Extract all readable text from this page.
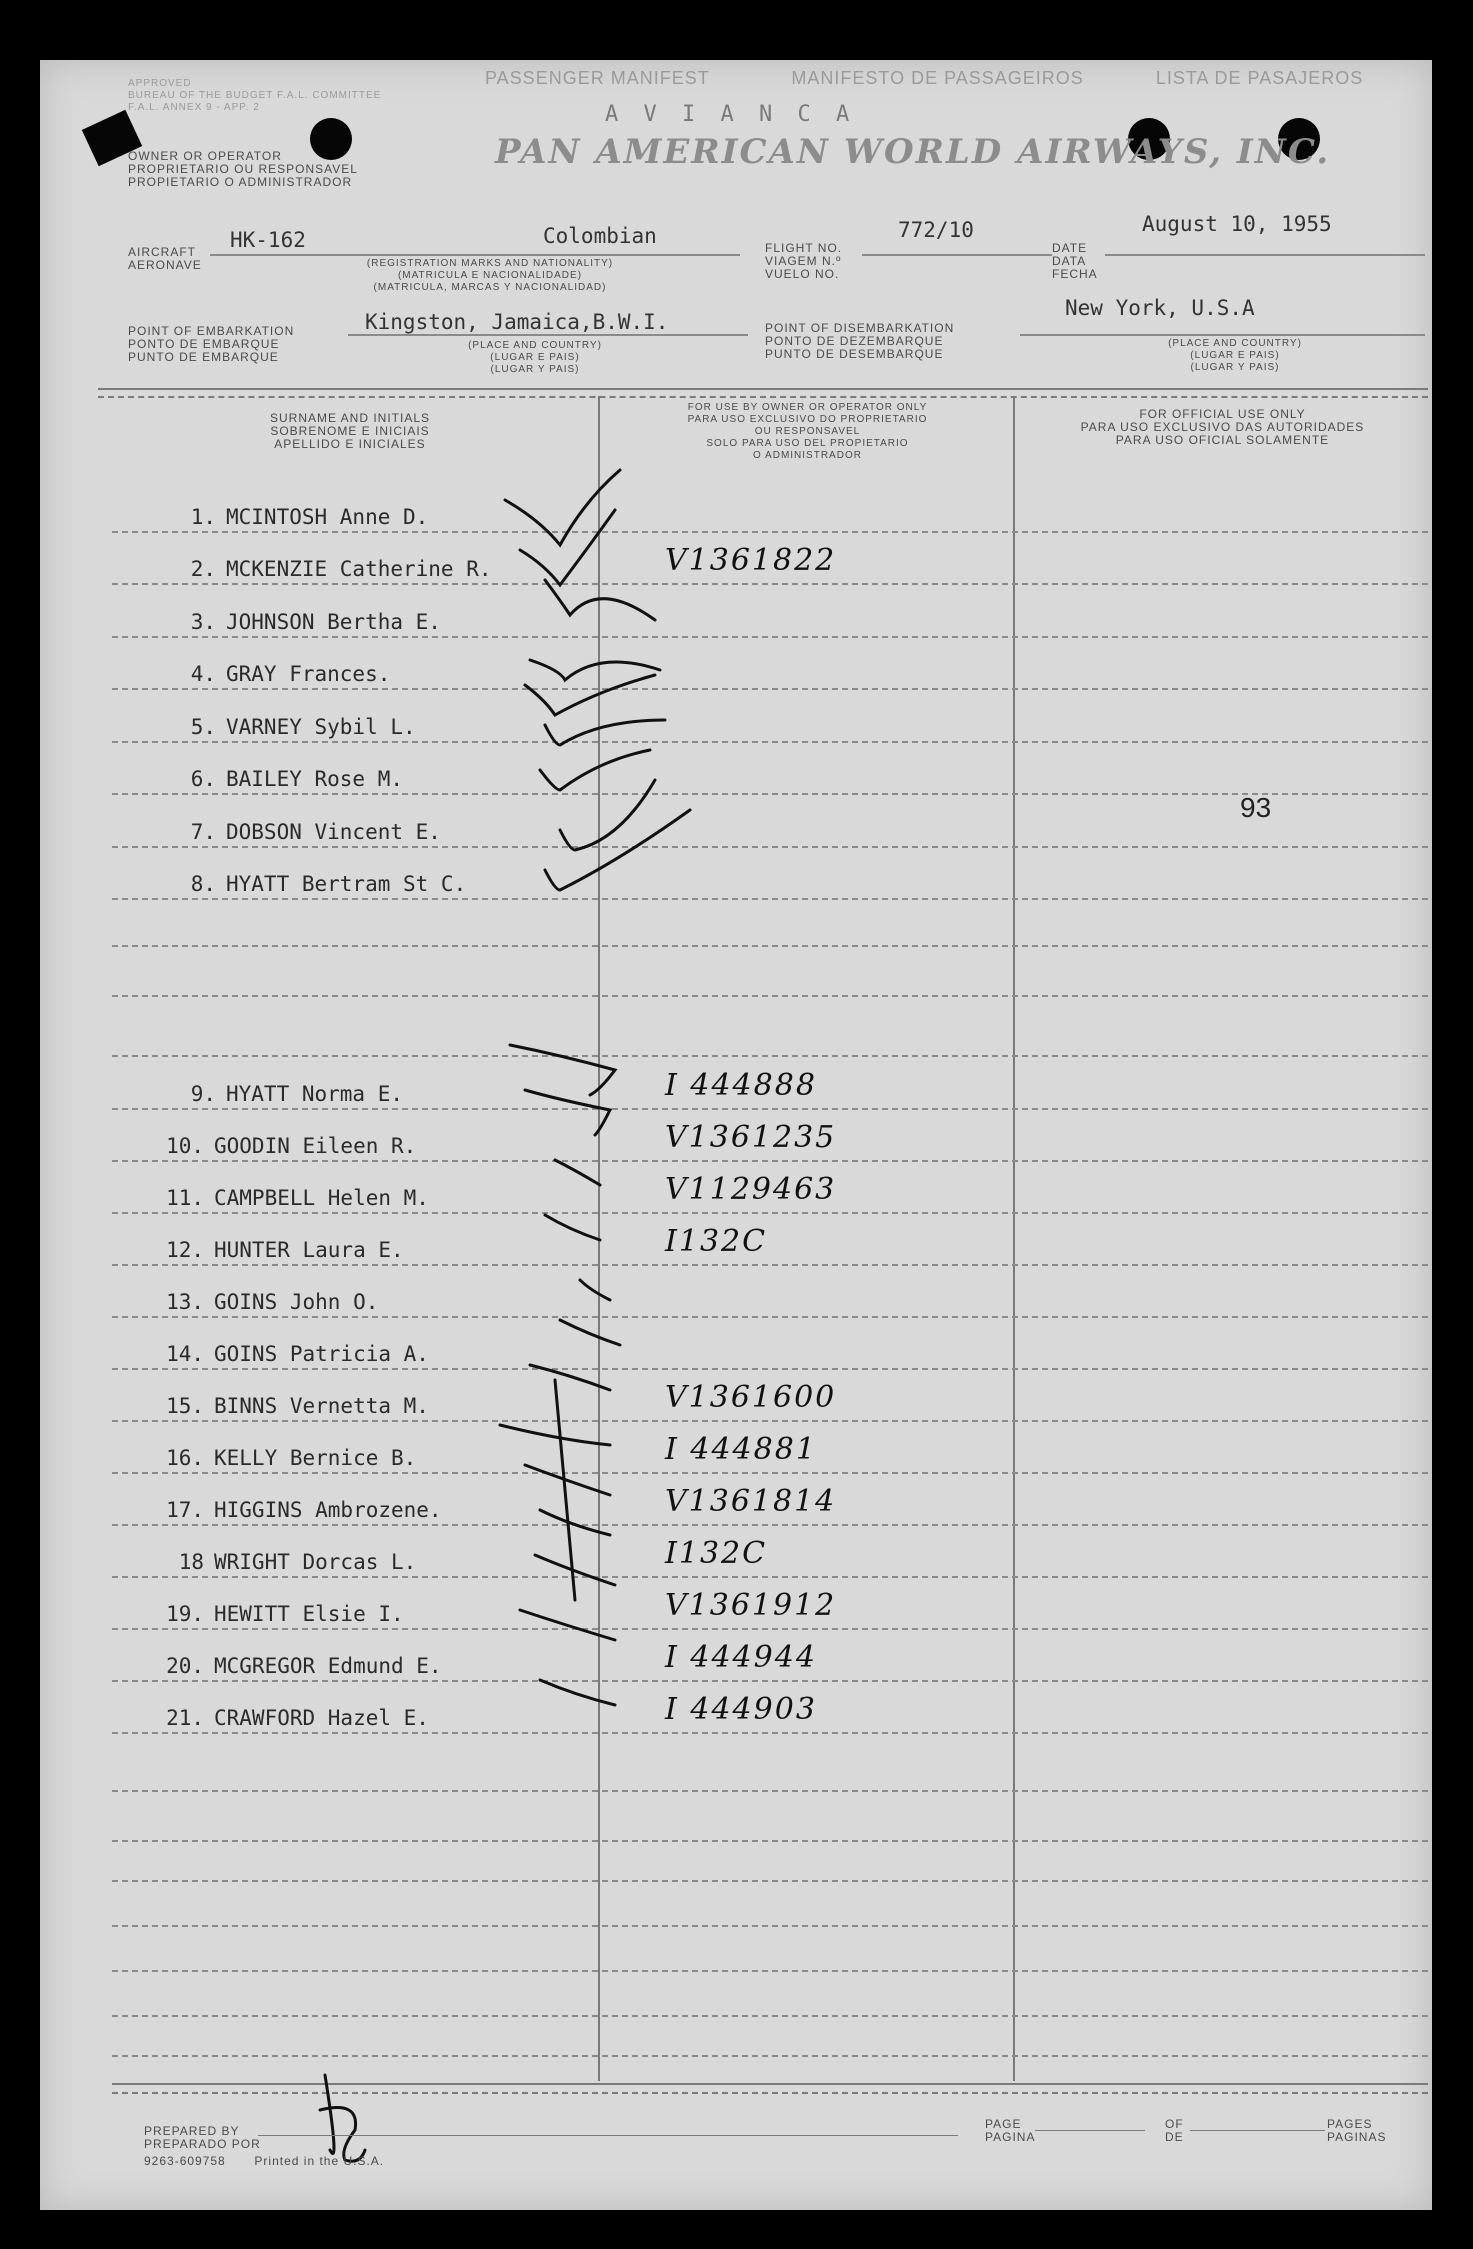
APPROVED
BUREAU OF THE BUDGET F.A.L. COMMITTEE
F.A.L. ANNEX 9 - APP. 2
PASSENGER MANIFEST	MANIFESTO DE PASSAGEIROS	LISTA DE PASAJEROS
A V I A N C A
OWNER OR OPERATOR
PROPRIETARIO OU RESPONSAVEL
PROPIETARIO O ADMINISTRADOR
PAN AMERICAN WORLD AIRWAYS, INC.
AIRCRAFT
AERONAVE
HK-162	Colombian
(REGISTRATION MARKS AND NATIONALITY)
(MATRICULA E NACIONALIDADE)
(MATRICULA, MARCAS Y NACIONALIDAD)
FLIGHT NO.
VIAGEM N.º
VUELO NO.
772/10
DATE
DATA
FECHA
August 10, 1955
POINT OF EMBARKATION
PONTO DE EMBARQUE
PUNTO DE EMBARQUE
Kingston, Jamaica,B.W.I.
(PLACE AND COUNTRY)
(LUGAR E PAIS)
(LUGAR Y PAIS)
POINT OF DISEMBARKATION
PONTO DE DEZEMBARQUE
PUNTO DE DESEMBARQUE
New York, U.S.A
(PLACE AND COUNTRY)
(LUGAR E PAIS)
(LUGAR Y PAIS)
SURNAME AND INITIALS
SOBRENOME E INICIAIS
APELLIDO E INICIALES
FOR USE BY OWNER OR OPERATOR ONLY
PARA USO EXCLUSIVO DO PROPRIETARIO
OU RESPONSAVEL
SOLO PARA USO DEL PROPIETARIO
O ADMINISTRADOR
FOR OFFICIAL USE ONLY
PARA USO EXCLUSIVO DAS AUTORIDADES
PARA USO OFICIAL SOLAMENTE
1. MCINTOSH Anne D.
2. MCKENZIE Catherine R.	V1361822
3. JOHNSON Bertha E.
4. GRAY Frances.
5. VARNEY Sybil L.
6. BAILEY Rose M.
7. DOBSON Vincent E.
8. HYATT Bertram St C.
9. HYATT Norma E.	I 444888
10. GOODIN Eileen R.	V1361235
11. CAMPBELL Helen M.	V1129463
12. HUNTER Laura E.	I132C
13. GOINS John O.
14. GOINS Patricia A.
15. BINNS Vernetta M.	V1361600
16. KELLY Bernice B.	I 444881
17. HIGGINS Ambrozene.	V1361814
18 WRIGHT Dorcas L.	I132C
19. HEWITT Elsie I.	V1361912
20. MCGREGOR Edmund E.	I 444944
21. CRAWFORD Hazel E.	I 444903
93
PREPARED BY
PREPARADO POR
9263-609758 Printed in the U.S.A.
PAGE
PAGINA
OF
DE
PAGES
PAGINAS
